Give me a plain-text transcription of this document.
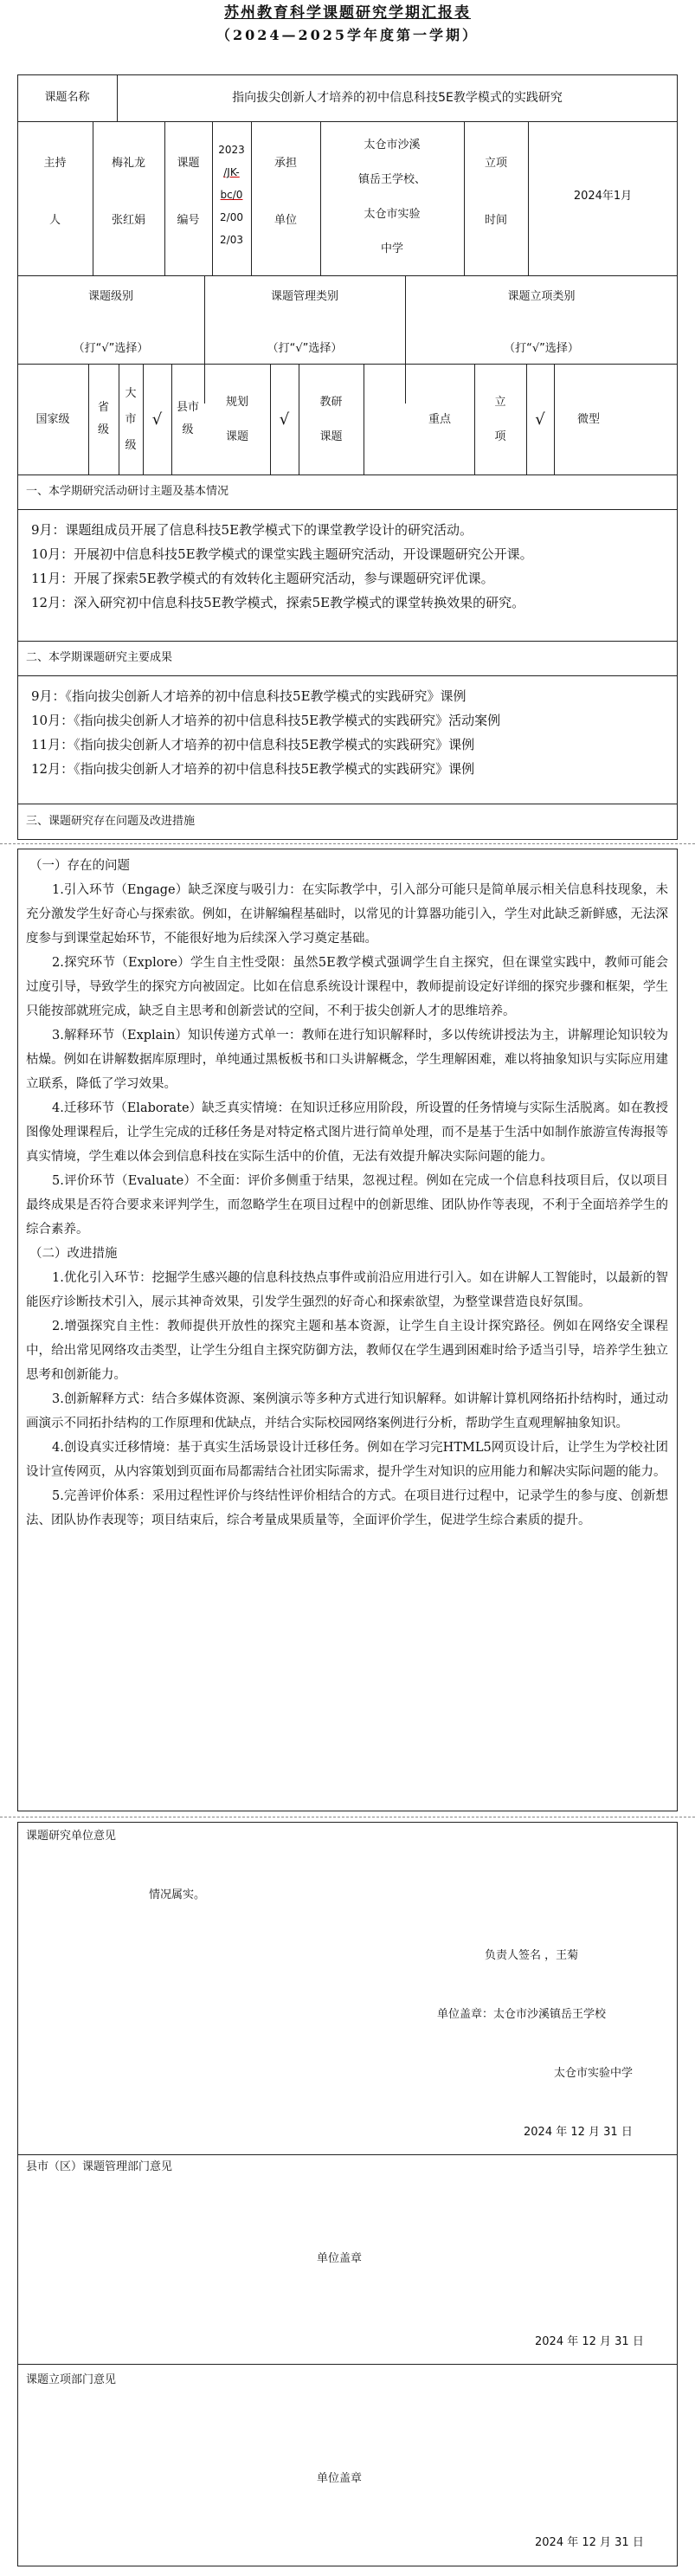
苏州教育科学课题研究学期汇报表
（2024—2025学年度第一学期）
课题名称	指向拔尖创新人才培养的初中信息科技5E教学模式的实践研究
主持
人
梅礼龙
张红娟
课题
编号
2023
/JK-
bc/0
2/00
2/03
承担
单位
太仓市沙溪
镇岳王学校、
太仓市实验
中学
立项
时间
2024年1月
课题级别
（打“√”选择）
课题管理类别
（打“√”选择）
课题立项类别
（打“√”选择）
国家级
省
级
大
市
级
√
县市
级
规划
课题
√
教研
课题
重点
立
项
√	微型
一、本学期研究活动研讨主题及基本情况
9月：课题组成员开展了信息科技5E教学模式下的课堂教学设计的研究活动。
10月：开展初中信息科技5E教学模式的课堂实践主题研究活动，开设课题研究公开课。
11月：开展了探索5E教学模式的有效转化主题研究活动，参与课题研究评优课。
12月：深入研究初中信息科技5E教学模式，探索5E教学模式的课堂转换效果的研究。
二、本学期课题研究主要成果
9月：《指向拔尖创新人才培养的初中信息科技5E教学模式的实践研究》课例
10月：《指向拔尖创新人才培养的初中信息科技5E教学模式的实践研究》活动案例
11月：《指向拔尖创新人才培养的初中信息科技5E教学模式的实践研究》课例
12月：《指向拔尖创新人才培养的初中信息科技5E教学模式的实践研究》课例
三、课题研究存在问题及改进措施

（一）存在的问题

1.引入环节（Engage）缺乏深度与吸引力：在实际教学中，引入部分可能只是简单展示相关信息科技现象，未充分激发学生好奇心与探索欲。例如，在讲解编程基础时，以常见的计算器功能引入，学生对此缺乏新鲜感，无法深度参与到课堂起始环节，不能很好地为后续深入学习奠定基础。

2.探究环节（Explore）学生自主性受限：虽然5E教学模式强调学生自主探究，但在课堂实践中，教师可能会过度引导，导致学生的探究方向被固定。比如在信息系统设计课程中，教师提前设定好详细的探究步骤和框架，学生只能按部就班完成，缺乏自主思考和创新尝试的空间，不利于拔尖创新人才的思维培养。

3.解释环节（Explain）知识传递方式单一：教师在进行知识解释时，多以传统讲授法为主，讲解理论知识较为枯燥。例如在讲解数据库原理时，单纯通过黑板板书和口头讲解概念，学生理解困难，难以将抽象知识与实际应用建立联系，降低了学习效果。

4.迁移环节（Elaborate）缺乏真实情境：在知识迁移应用阶段，所设置的任务情境与实际生活脱离。如在教授图像处理课程后，让学生完成的迁移任务是对特定格式图片进行简单处理，而不是基于生活中如制作旅游宣传海报等真实情境，学生难以体会到信息科技在实际生活中的价值，无法有效提升解决实际问题的能力。

5.评价环节（Evaluate）不全面：评价多侧重于结果，忽视过程。例如在完成一个信息科技项目后，仅以项目最终成果是否符合要求来评判学生，而忽略学生在项目过程中的创新思维、团队协作等表现，不利于全面培养学生的综合素养。

（二）改进措施

1.优化引入环节：挖掘学生感兴趣的信息科技热点事件或前沿应用进行引入。如在讲解人工智能时，以最新的智能医疗诊断技术引入，展示其神奇效果，引发学生强烈的好奇心和探索欲望，为整堂课营造良好氛围。

2.增强探究自主性：教师提供开放性的探究主题和基本资源，让学生自主设计探究路径。例如在网络安全课程中，给出常见网络攻击类型，让学生分组自主探究防御方法，教师仅在学生遇到困难时给予适当引导，培养学生独立思考和创新能力。

3.创新解释方式：结合多媒体资源、案例演示等多种方式进行知识解释。如讲解计算机网络拓扑结构时，通过动画演示不同拓扑结构的工作原理和优缺点，并结合实际校园网络案例进行分析，帮助学生直观理解抽象知识。

4.创设真实迁移情境：基于真实生活场景设计迁移任务。例如在学习完HTML5网页设计后，让学生为学校社团设计宣传网页，从内容策划到页面布局都需结合社团实际需求，提升学生对知识的应用能力和解决实际问题的能力。

5.完善评价体系：采用过程性评价与终结性评价相结合的方式。在项目进行过程中，记录学生的参与度、创新想法、团队协作表现等；项目结束后，综合考量成果质量等，全面评价学生，促进学生综合素质的提升。

课题研究单位意见
情况属实。
负责人签名 ，王菊
单位盖章：太仓市沙溪镇岳王学校
太仓市实验中学
2024 年 12 月 31 日
县市（区）课题管理部门意见
单位盖章
2024 年 12 月 31 日
课题立项部门意见
单位盖章
2024 年 12 月 31 日
